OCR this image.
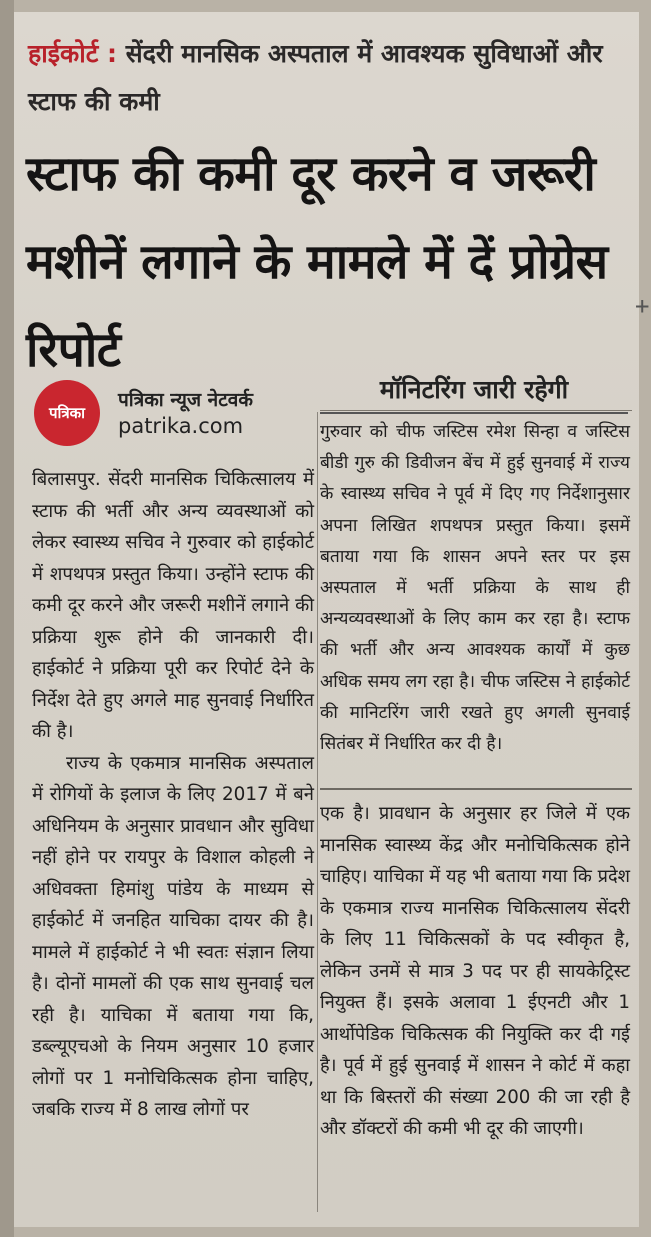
हाईकोर्ट : सेंदरी मानसिक अस्पताल में आवश्यक सुविधाओं और स्टाफ की कमी
स्टाफ की कमी दूर करने व जरूरी मशीनें लगाने के मामले में दें प्रोग्रेस रिपोर्ट
+
पत्रिका
पत्रिका न्यूज नेटवर्क
patrika.com
मॉनिटरिंग जारी रहेगी

बिलासपुर. सेंदरी मानसिक चिकित्सालय में स्टाफ की भर्ती और अन्य व्यवस्थाओं को लेकर स्वास्थ्य सचिव ने गुरुवार को हाईकोर्ट में शपथपत्र प्रस्तुत किया। उन्होंने स्टाफ की कमी दूर करने और जरूरी मशीनें लगाने की प्रक्रिया शुरू होने की जानकारी दी। हाईकोर्ट ने प्रक्रिया पूरी कर रिपोर्ट देने के निर्देश देते हुए अगले माह सुनवाई निर्धारित की है।

राज्य के एकमात्र मानसिक अस्पताल में रोगियों के इलाज के लिए 2017 में बने अधिनियम के अनुसार प्रावधान और सुविधा नहीं होने पर रायपुर के विशाल कोहली ने अधिवक्ता हिमांशु पांडेय के माध्यम से हाईकोर्ट में जनहित याचिका दायर की है। मामले में हाईकोर्ट ने भी स्वतः संज्ञान लिया है। दोनों मामलों की एक साथ सुनवाई चल रही है। याचिका में बताया गया कि, डब्ल्यूएचओ के नियम अनुसार 10 हजार लोगों पर 1 मनोचिकित्सक होना चाहिए, जबकि राज्य में 8 लाख लोगों पर

गुरुवार को चीफ जस्टिस रमेश सिन्हा व जस्टिस बीडी गुरु की डिवीजन बेंच में हुई सुनवाई में राज्य के स्वास्थ्य सचिव ने पूर्व में दिए गए निर्देशानुसार अपना लिखित शपथपत्र प्रस्तुत किया। इसमें बताया गया कि शासन अपने स्तर पर इस अस्पताल में भर्ती प्रक्रिया के साथ ही अन्यव्यवस्थाओं के लिए काम कर रहा है। स्टाफ की भर्ती और अन्य आवश्यक कार्यों में कुछ अधिक समय लग रहा है। चीफ जस्टिस ने हाईकोर्ट की मानिटरिंग जारी रखते हुए अगली सुनवाई सितंबर में निर्धारित कर दी है।

एक है। प्रावधान के अनुसार हर जिले में एक मानसिक स्वास्थ्य केंद्र और मनोचिकित्सक होने चाहिए। याचिका में यह भी बताया गया कि प्रदेश के एकमात्र राज्य मानसिक चिकित्सालय सेंदरी के लिए 11 चिकित्सकों के पद स्वीकृत है, लेकिन उनमें से मात्र 3 पद पर ही सायकेट्रिस्ट नियुक्त हैं। इसके अलावा 1 ईएनटी और 1 आर्थोपेडिक चिकित्सक की नियुक्ति कर दी गई है। पूर्व में हुई सुनवाई में शासन ने कोर्ट में कहा था कि बिस्तरों की संख्या 200 की जा रही है और डॉक्टरों की कमी भी दूर की जाएगी।
